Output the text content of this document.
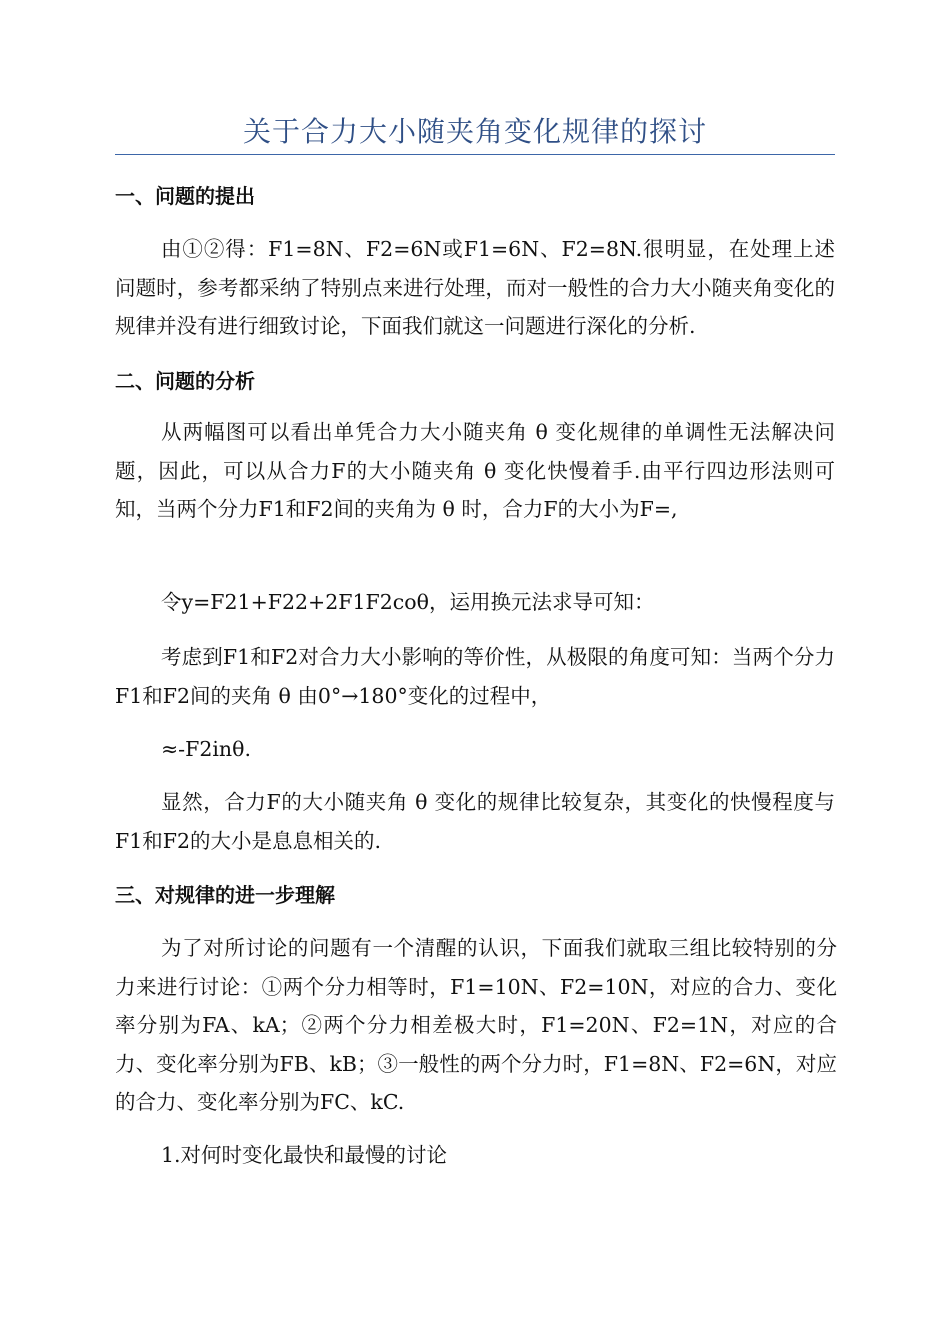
关于合力大小随夹角变化规律的探讨
一、问题的提出
由①②得：F1=8N、F2=6N或F1=6N、F2=8N.很明显，在处理上述问题时，参考都采纳了特别点来进行处理，而对一般性的合力大小随夹角变化的规律并没有进行细致讨论，下面我们就这一问题进行深化的分析.
二、问题的分析
从两幅图可以看出单凭合力大小随夹角 θ 变化规律的单调性无法解决问题，因此，可以从合力F的大小随夹角 θ 变化快慢着手.由平行四边形法则可知，当两个分力F1和F2间的夹角为 θ 时，合力F的大小为F=,
令y=F21+F22+2F1F2coθ，运用换元法求导可知：
考虑到F1和F2对合力大小影响的等价性，从极限的角度可知：当两个分力F1和F2间的夹角 θ 由0°→180°变化的过程中，
≈-F2inθ.
显然，合力F的大小随夹角 θ 变化的规律比较复杂，其变化的快慢程度与F1和F2的大小是息息相关的.
三、对规律的进一步理解
为了对所讨论的问题有一个清醒的认识，下面我们就取三组比较特别的分力来进行讨论：①两个分力相等时，F1=10N、F2=10N，对应的合力、变化率分别为FA、kA；②两个分力相差极大时，F1=20N、F2=1N，对应的合力、变化率分别为FB、kB；③一般性的两个分力时，F1=8N、F2=6N，对应的合力、变化率分别为FC、kC.
1.对何时变化最快和最慢的讨论
